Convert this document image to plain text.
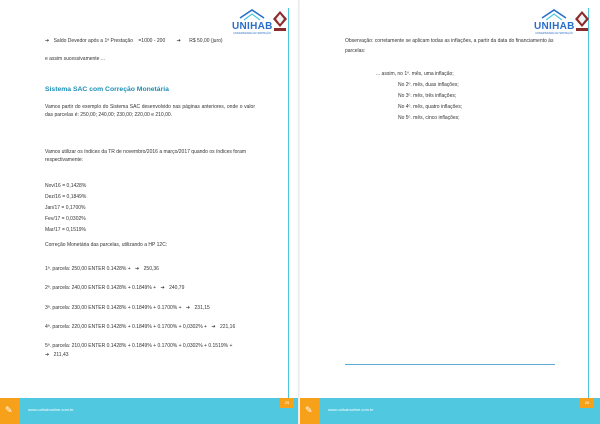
UNIHAB
UNIVERSIDADE DA HABITAÇÃO
➔ Saldo Devedor após a 1ª Prestação =1000 - 200 ➔ R$ 50,00 (juro)
e assim sucessivamente ...
Sistema SAC com Correção Monetária
Vamos partir do exemplo do Sistema SAC desenvolvido nas páginas anteriores, onde o valor das parcelas é: 250,00; 240,00; 230,00; 220,00 e 210,00.
Vamos utilizar os índices da TR de novembro/2016 a março/2017 quando os índices foram respectivamente:
Nov/16 = 0,1428%
Dez/16 = 0,1849%
Jan/17 = 0,1700%
Fev/17 = 0,0302%
Mar/17 = 0,1519%
Correção Monetária das parcelas, utilizando a HP 12C:
1ª. parcela: 250,00 ENTER 0.1428% + ➔ 250,36
2ª. parcela: 240,00 ENTER 0.1428% + 0.1849% + ➔ 240,79
3ª. parcela: 230,00 ENTER 0.1428% + 0.1849% + 0.1700% + ➔ 231,15
4ª. parcela: 220,00 ENTER 0.1428% + 0.1849% + 0.1700% + 0,0302% + ➔ 221,16
5ª. parcela: 210,00 ENTER 0.1428% + 0.1849% + 0.1700% + 0,0302% + 0.1519% +
➔ 211,43
✎	www.unihabonline.com.br
25
UNIHAB
UNIVERSIDADE DA HABITAÇÃO
Observação: corretamente se aplicam todas as inflações, a partir da data do financiamento às parcelas:
... assim, no 1º. mês, uma inflação;
No 2º. mês, duas inflações;
No 3º. mês, três inflações;
No 4º. mês, quatro inflações;
No 5º. mês, cinco inflações;
✎	www.unihabonline.com.br
26
